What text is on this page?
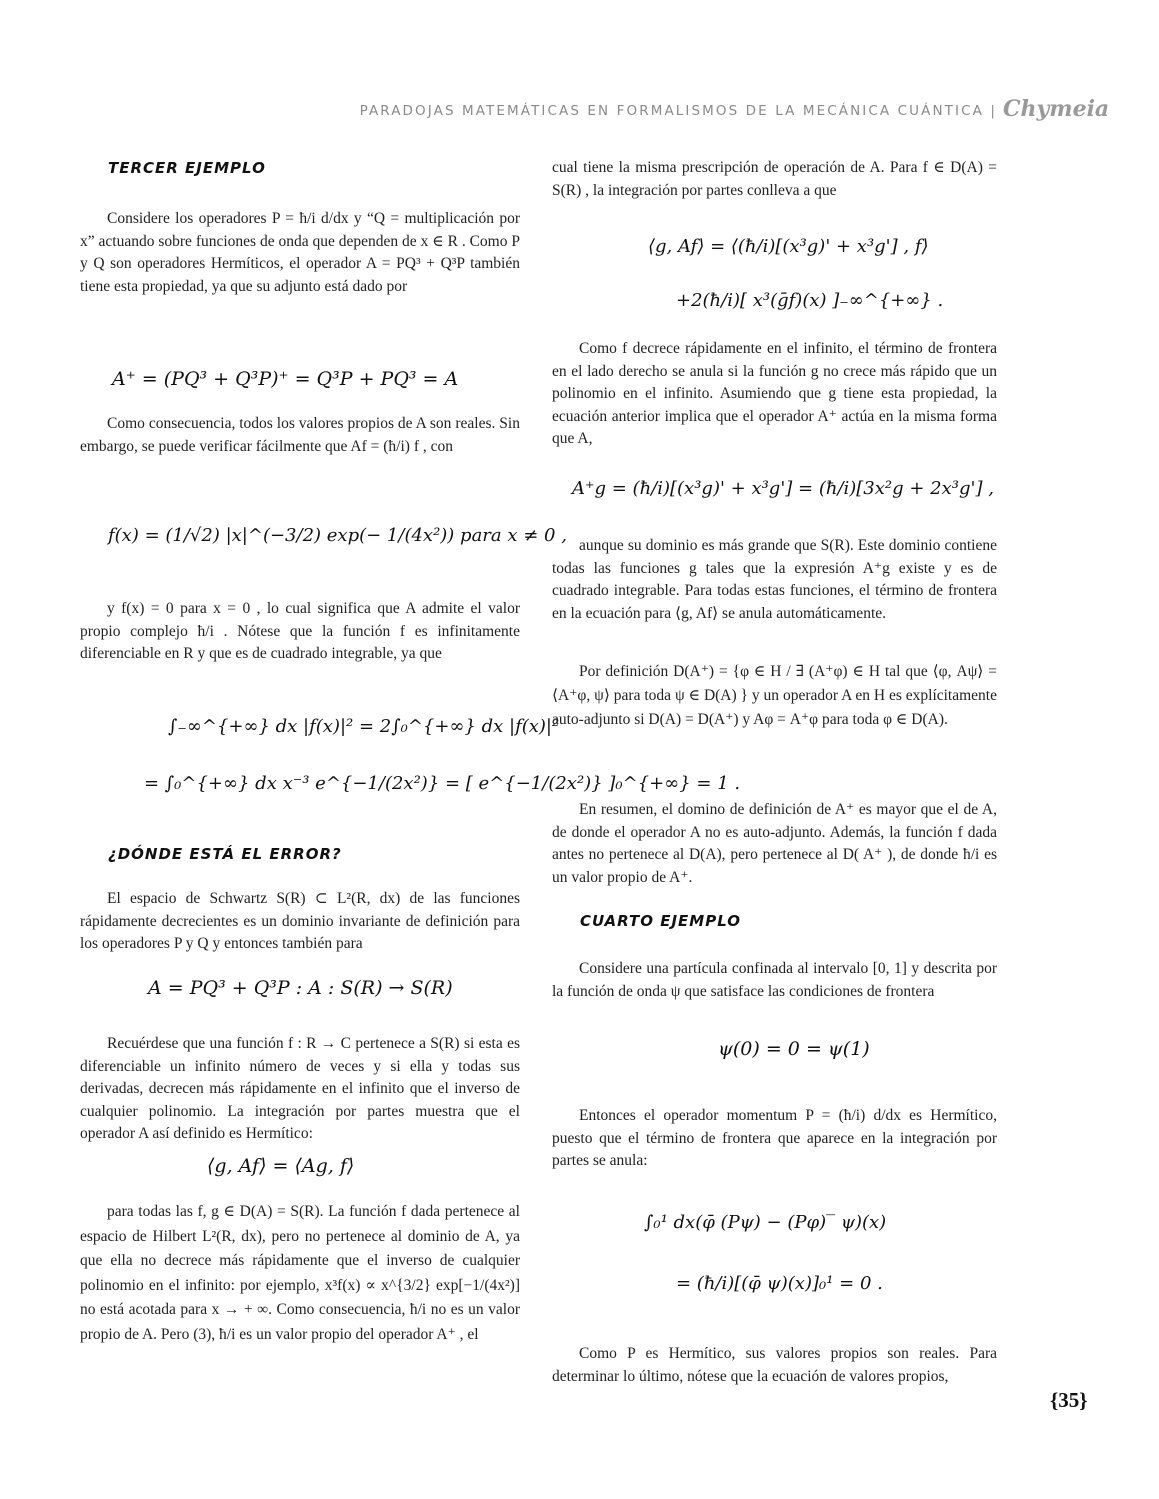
PARADOJAS MATEMÁTICAS EN FORMALISMOS DE LA MECÁNICA CUÁNTICA | Chymeia
TERCER EJEMPLO
Considere los operadores P = ħ/i d/dx y “Q = multiplicación por x” actuando sobre funciones de onda que dependen de x ∈ R . Como P y Q son operadores Hermíticos, el operador A = PQ³ + Q³P también tiene esta propiedad, ya que su adjunto está dado por
A⁺ = (PQ³ + Q³P)⁺ = Q³P + PQ³ = A
Como consecuencia, todos los valores propios de A son reales. Sin embargo, se puede verificar fácilmente que Af = (ħ/i) f , con
f(x) = (1/√2) |x|^(−3/2) exp(− 1/(4x²)) para x ≠ 0 ,
y f(x) = 0 para x = 0 , lo cual significa que A admite el valor propio complejo ħ/i . Nótese que la función f es infinitamente diferenciable en R y que es de cuadrado integrable, ya que
∫₋∞^{+∞} dx |f(x)|² = 2∫₀^{+∞} dx |f(x)|²
= ∫₀^{+∞} dx x⁻³ e^{−1/(2x²)} = [ e^{−1/(2x²)} ]₀^{+∞} = 1 .
¿DÓNDE ESTÁ EL ERROR?
El espacio de Schwartz S(R) ⊂ L²(R, dx) de las funciones rápidamente decrecientes es un dominio invariante de definición para los operadores P y Q y entonces también para
A = PQ³ + Q³P : A : S(R) → S(R)
Recuérdese que una función f : R → C pertenece a S(R) si esta es diferenciable un infinito número de veces y si ella y todas sus derivadas, decrecen más rápidamente en el infinito que el inverso de cualquier polinomio. La integración por partes muestra que el operador A así definido es Hermítico:
⟨g, Af⟩ = ⟨Ag, f⟩
para todas las f, g ∈ D(A) = S(R). La función f dada pertenece al espacio de Hilbert L²(R, dx), pero no pertenece al dominio de A, ya que ella no decrece más rápidamente que el inverso de cualquier polinomio en el infinito: por ejemplo, x³f(x) ∝ x^{3/2} exp[−1/(4x²)] no está acotada para x → + ∞. Como consecuencia, ħ/i no es un valor propio de A. Pero (3), ħ/i es un valor propio del operador A⁺ , el
cual tiene la misma prescripción de operación de A. Para f ∈ D(A) = S(R) , la integración por partes conlleva a que
⟨g, Af⟩ = ⟨(ħ/i)[(x³g)' + x³g'] , f⟩
+2(ħ/i)[ x³(ḡf)(x) ]₋∞^{+∞} .
Como f decrece rápidamente en el infinito, el término de frontera en el lado derecho se anula si la función g no crece más rápido que un polinomio en el infinito. Asumiendo que g tiene esta propiedad, la ecuación anterior implica que el operador A⁺ actúa en la misma forma que A,
A⁺g = (ħ/i)[(x³g)' + x³g'] = (ħ/i)[3x²g + 2x³g'] ,
aunque su dominio es más grande que S(R). Este dominio contiene todas las funciones g tales que la expresión A⁺g existe y es de cuadrado integrable. Para todas estas funciones, el término de frontera en la ecuación para ⟨g, Af⟩ se anula automáticamente.
Por definición D(A⁺) = {φ ∈ H / ∃ (A⁺φ) ∈ H tal que ⟨φ, Aψ⟩ = ⟨A⁺φ, ψ⟩ para toda ψ ∈ D(A) } y un operador A en H es explícitamente auto-adjunto si D(A) = D(A⁺) y Aφ = A⁺φ para toda φ ∈ D(A).
En resumen, el domino de definición de A⁺ es mayor que el de A, de donde el operador A no es auto-adjunto. Además, la función f dada antes no pertenece al D(A), pero pertenece al D( A⁺ ), de donde ħ/i es un valor propio de A⁺.
CUARTO EJEMPLO
Considere una partícula confinada al intervalo [0, 1] y descrita por la función de onda ψ que satisface las condiciones de frontera
ψ(0) = 0 = ψ(1)
Entonces el operador momentum P = (ħ/i) d/dx es Hermítico, puesto que el término de frontera que aparece en la integración por partes se anula:
∫₀¹ dx(φ̄ (Pψ) − (Pφ)‾ ψ)(x)
= (ħ/i)[(φ̄ ψ)(x)]₀¹ = 0 .
Como P es Hermítico, sus valores propios son reales. Para determinar lo último, nótese que la ecuación de valores propios,
{35}
